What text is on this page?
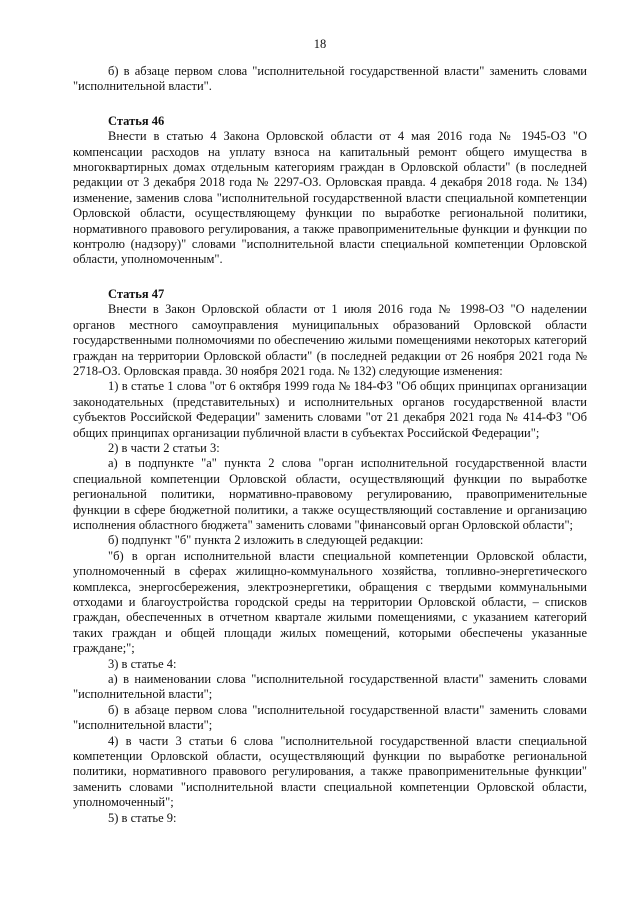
18

б) в абзаце первом слова "исполнительной государственной власти" заменить словами "исполнительной власти".

Статья 46

Внести в статью 4 Закона Орловской области от 4 мая 2016 года № 1945-ОЗ "О компенсации расходов на уплату взноса на капитальный ремонт общего имущества в многоквартирных домах отдельным категориям граждан в Орловской области" (в последней редакции от 3 декабря 2018 года № 2297-ОЗ. Орловская правда. 4 декабря 2018 года. № 134) изменение, заменив слова "исполнительной государственной власти специальной компетенции Орловской области, осуществляющему функции по выработке региональной политики, нормативного правового регулирования, а также правоприменительные функции и функции по контролю (надзору)" словами "исполнительной власти специальной компетенции Орловской области, уполномоченным".

Статья 47

Внести в Закон Орловской области от 1 июля 2016 года № 1998-ОЗ "О наделении органов местного самоуправления муниципальных образований Орловской области государственными полномочиями по обеспечению жилыми помещениями некоторых категорий граждан на территории Орловской области" (в последней редакции от 26 ноября 2021 года № 2718-ОЗ. Орловская правда. 30 ноября 2021 года. № 132) следующие изменения:

1) в статье 1 слова "от 6 октября 1999 года № 184-ФЗ "Об общих принципах организации законодательных (представительных) и исполнительных органов государственной власти субъектов Российской Федерации" заменить словами "от 21 декабря 2021 года № 414-ФЗ "Об общих принципах организации публичной власти в субъектах Российской Федерации";

2) в части 2 статьи 3:

а) в подпункте "а" пункта 2 слова "орган исполнительной государственной власти специальной компетенции Орловской области, осуществляющий функции по выработке региональной политики, нормативно-правовому регулированию, правоприменительные функции в сфере бюджетной политики, а также осуществляющий составление и организацию исполнения областного бюджета" заменить словами "финансовый орган Орловской области";

б) подпункт "б" пункта 2 изложить в следующей редакции:

"б) в орган исполнительной власти специальной компетенции Орловской области, уполномоченный в сферах жилищно-коммунального хозяйства, топливно-энергетического комплекса, энергосбережения, электроэнергетики, обращения с твердыми коммунальными отходами и благоустройства городской среды на территории Орловской области, – списков граждан, обеспеченных в отчетном квартале жилыми помещениями, с указанием категорий таких граждан и общей площади жилых помещений, которыми обеспечены указанные граждане;";

3) в статье 4:

а) в наименовании слова "исполнительной государственной власти" заменить словами "исполнительной власти";

б) в абзаце первом слова "исполнительной государственной власти" заменить словами "исполнительной власти";

4) в части 3 статьи 6 слова "исполнительной государственной власти специальной компетенции Орловской области, осуществляющий функции по выработке региональной политики, нормативного правового регулирования, а также правоприменительные функции" заменить словами "исполнительной власти специальной компетенции Орловской области, уполномоченный";

5) в статье 9:
